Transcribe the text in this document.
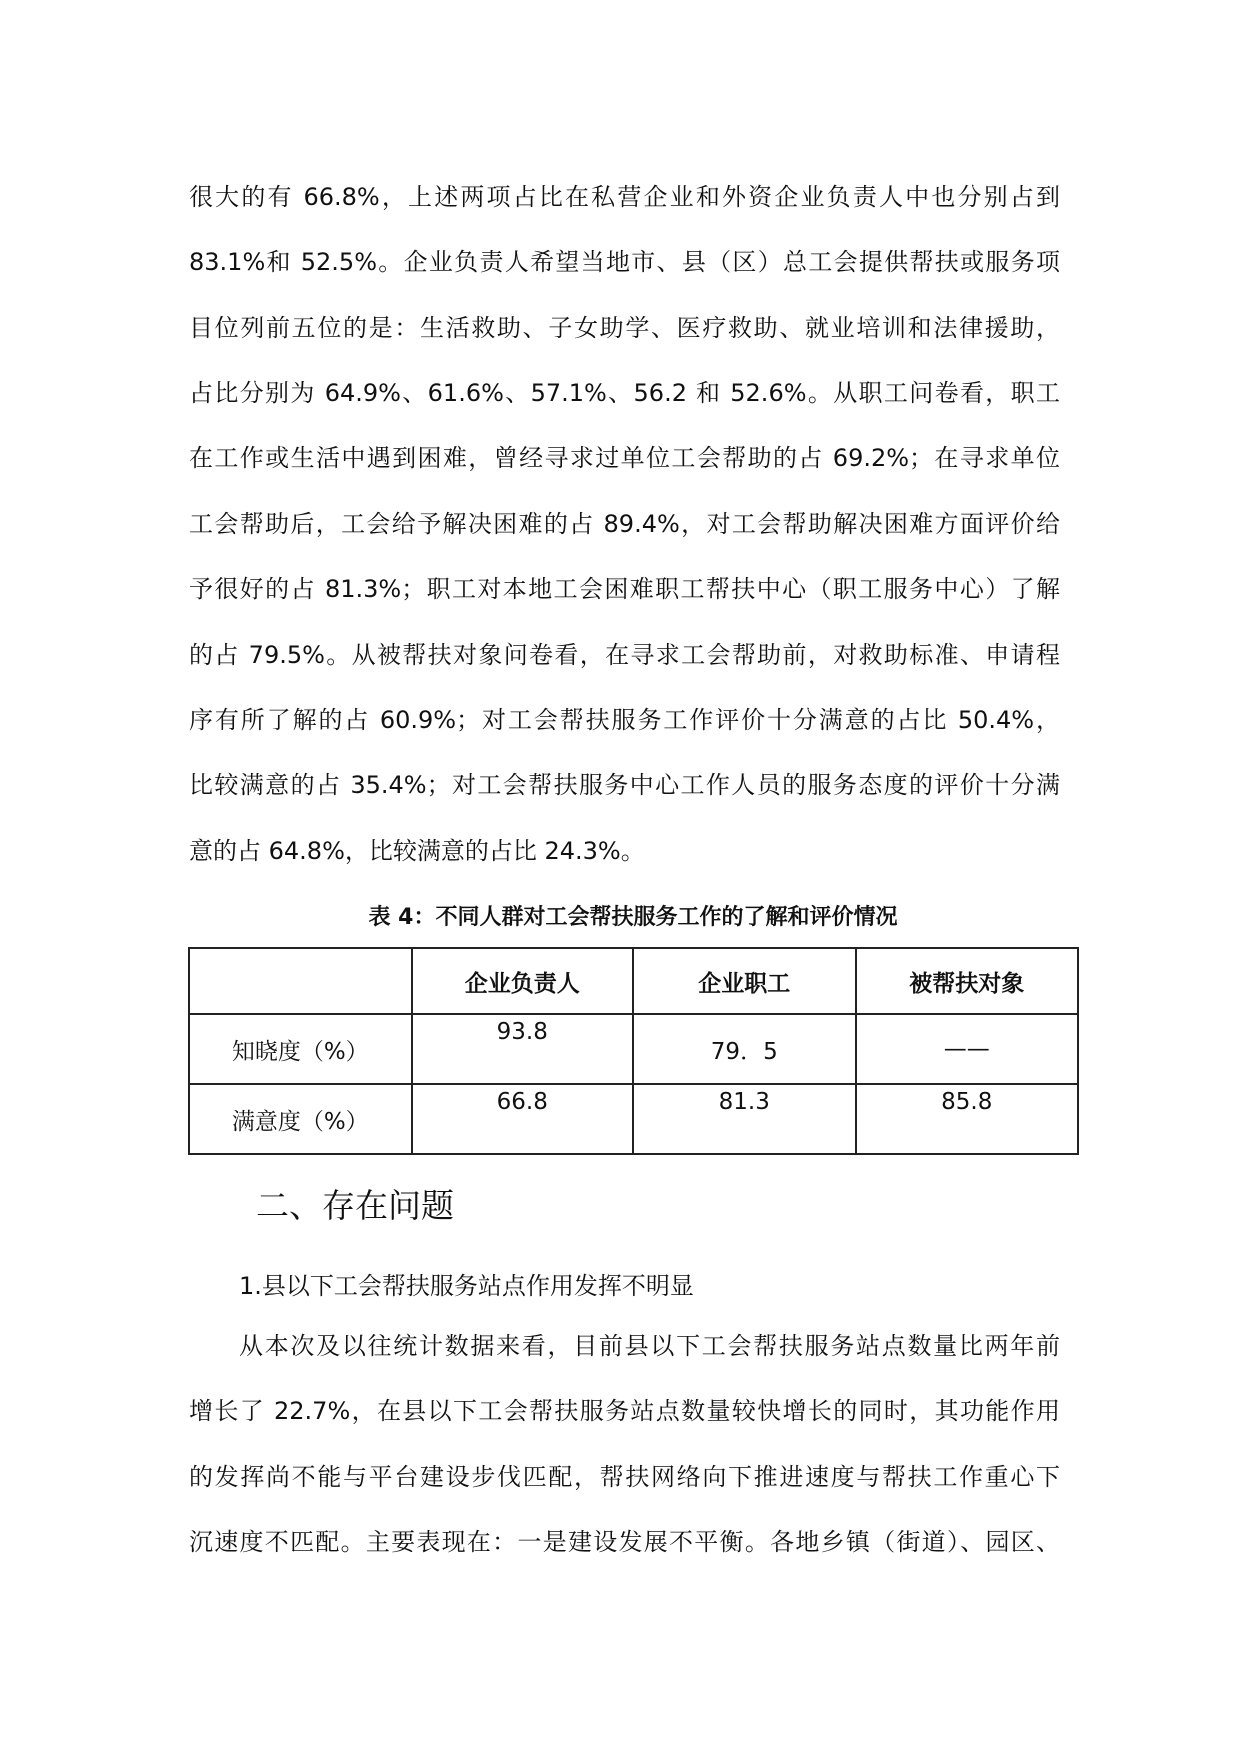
很大的有 66.8%，上述两项占比在私营企业和外资企业负责人中也分别占到
83.1%和 52.5%。企业负责人希望当地市、县（区）总工会提供帮扶或服务项
目位列前五位的是：生活救助、子女助学、医疗救助、就业培训和法律援助，
占比分别为 64.9%、61.6%、57.1%、56.2 和 52.6%。从职工问卷看，职工
在工作或生活中遇到困难，曾经寻求过单位工会帮助的占 69.2%；在寻求单位
工会帮助后，工会给予解决困难的占 89.4%，对工会帮助解决困难方面评价给
予很好的占 81.3%；职工对本地工会困难职工帮扶中心（职工服务中心）了解
的占 79.5%。从被帮扶对象问卷看，在寻求工会帮助前，对救助标准、申请程
序有所了解的占 60.9%；对工会帮扶服务工作评价十分满意的占比 50.4%，
比较满意的占 35.4%；对工会帮扶服务中心工作人员的服务态度的评价十分满
意的占 64.8%，比较满意的占比 24.3%。
表 4：不同人群对工会帮扶服务工作的了解和评价情况
	企业负责人	企业职工	被帮扶对象
知晓度（%）	93.8	79．5	——
满意度（%）	66.8	81.3	85.8
二、存在问题
1.县以下工会帮扶服务站点作用发挥不明显
从本次及以往统计数据来看，目前县以下工会帮扶服务站点数量比两年前
增长了 22.7%，在县以下工会帮扶服务站点数量较快增长的同时，其功能作用
的发挥尚不能与平台建设步伐匹配，帮扶网络向下推进速度与帮扶工作重心下
沉速度不匹配。主要表现在：一是建设发展不平衡。各地乡镇（街道）、园区、
